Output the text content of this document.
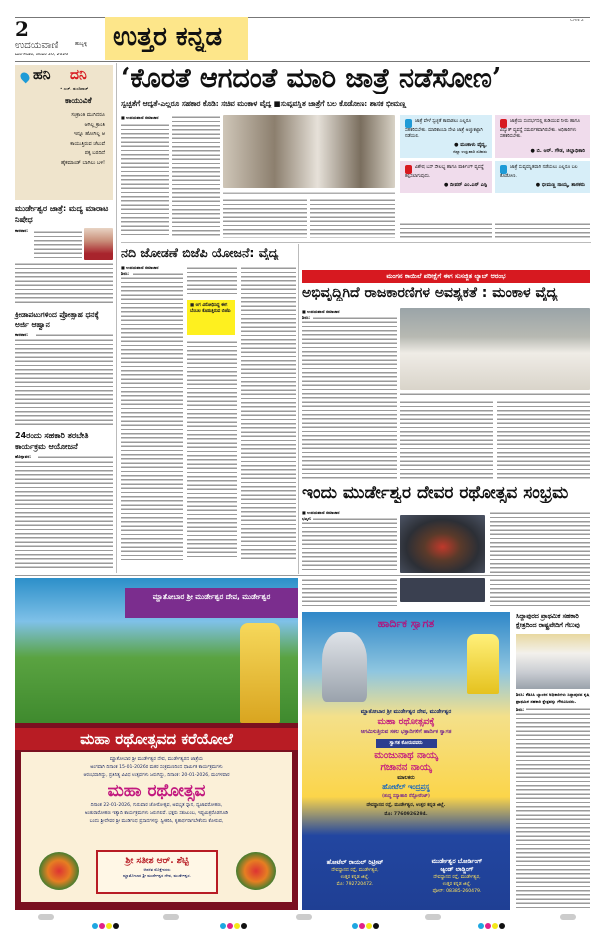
2
ಉದಯವಾಣಿ	ಹುಬ್ಬಳ್ಳಿ
ಮಂಗಳವಾರ, ಜನವರಿ 20, 2026
ಉತ್ತರ ಕನ್ನಡ
CAN 2
ಹನಿ ದನಿ
• ಎಚ್. ಡುಂಡಿರಾಜ್
ಕಾಯುವಿಕೆ
ಸಂಕ್ರಾಂತಿ ಮುಗಿದರೂ
ಆಗಿಲ್ಲ ಕ್ರಾಂತಿ
ಇನ್ನೂ ಹೋಗಿಲ್ಲ ಆ
ಕಾಯುತ್ತಿರುವ ಚೆಲುವೆ
ಪಕ್ಕ ಬರದಿದೆ
ಹೈಕಮಾಂಡ್ ಬಾಗಿಲು ಬಳಿ!
ಮುರ್ಡೇಶ್ವರ ಜಾತ್ರೆ: ಮದ್ಯ ಮಾರಾಟ ನಿಷೇಧ
ಕಾರವಾರ:
ಕ್ರೀಡಾಪಟುಗಳಿಂದ ಪ್ರೋತ್ಸಾಹ ಧನಕ್ಕೆ ಅರ್ಜಿ ಆಹ್ವಾನ
ಕಾರವಾರ:
24ರಂದು ಸಹಕಾರಿ ತರಬೇತಿ ಕಾರ್ಯಕ್ರಮ ಆಯೋಜನೆ
ಹೊನ್ನಾವರ:
‘ಕೊರತೆ ಆಗದಂತೆ ಮಾರಿ ಜಾತ್ರೆ ನಡೆಸೋಣ’
ಸ್ವಚ್ಛತೆಗೆ ಆದ್ಯತೆ-ಎಲ್ಲರೂ ಸಹಕಾರ ಕೊಡಿ: ಸಚಿವ ಮಂಕಾಳ ವೈದ್ಯ ■ಸುವ್ಯವಸ್ಥಿತ ಜಾತ್ರೆಗೆ ಬಲ ಕೊಡೋಣ: ಶಾಸಕ ಭೀಮಣ್ಣ
■ ಉದಯವಾಣಿ ಸಮಾಚಾರ
ಜಾತ್ರೆ ವೇಳೆ ಸ್ವಚ್ಛತೆ ಕಾಪಾಡಲು ಎಲ್ಲರೂ ಸಹಕರಿಸಬೇಕು. ಮಾರಿಕಾಂಬಾ ದೇವಿ ಜಾತ್ರೆ ಅಚ್ಚುಕಟ್ಟಾಗಿ ನಡೆಯಲಿ.
● ಮಂಕಾಳು ವೈದ್ಯ,
ಜಿಲ್ಲಾ ಉಸ್ತುವಾರಿ ಸಚಿವರು
ಜಾತ್ರೆಯ ಸಂದರ್ಭದಲ್ಲಿ ಕುಡಿಯುವ ನೀರು ಹಾಗೂ ವಿದ್ಯುತ್ ವ್ಯವಸ್ಥೆ ಸಮರ್ಪಕವಾಗಿರಬೇಕು. ಅಧಿಕಾರಿಗಳು ಸಹಕರಿಸಬೇಕು.
● ಬಿ. ಆರ್. ಗೌಡ, ಜಿಲ್ಲಾಧಿಕಾರಿ
ವಿಶೇಷ ಬಸ್ ಸೌಲಭ್ಯ ಹಾಗೂ ಪಾರ್ಕಿಂಗ್ ವ್ಯವಸ್ಥೆ ಕಲ್ಪಿಸಲಾಗುವುದು.
● ದೀಪನ್ ಎಂ.ಎನ್ ಎಸ್ಪಿ
ಜಾತ್ರೆ ಸುವ್ಯವಸ್ಥಿತವಾಗಿ ನಡೆಯಲು ಎಲ್ಲರೂ ಬಲ ಕೊಡೋಣ.
● ಭೀಮಣ್ಣ ನಾಯ್ಕ, ಶಾಸಕರು
ನದಿ ಜೋಡಣೆ ಬಿಜೆಪಿ ಯೋಜನೆ: ವೈದ್ಯ
■ ಉದಯವಾಣಿ ಸಮಾಚಾರ
ಶಿರಸಿ:
■ ಆಗ ವಿರೋಧಿಸಿದ್ದ ಈಗ ಬೆಂಬಲ ಕೊಡುತ್ತಿರುವ ಬಿಜೆಪಿ
ಮಂಗನ ಕಾಯಿಲೆ ಪರೀಕ್ಷೆಗೆ ಈಗ ಸುಸಜ್ಜಿತ ಲ್ಯಾಬ್ ಆರಂಭ
ಅಭಿವೃದ್ಧಿಗಿದೆ ರಾಜಕಾರಣಿಗಳ ಅವಶ್ಯಕತೆ : ಮಂಕಾಳ ವೈದ್ಯ
■ ಉದಯವಾಣಿ ಸಮಾಚಾರ
ಶಿರಸಿ:
ಇಂದು ಮುರ್ಡೇಶ್ವರ ದೇವರ ರಥೋತ್ಸವ ಸಂಭ್ರಮ
■ ಉದಯವಾಣಿ ಸಮಾಚಾರ
ಭಟ್ಕಳ:
ಮ್ಹಾತೋಬಾರ ಶ್ರೀ ಮುರ್ಡೇಶ್ವರ ದೇವ, ಮುರ್ಡೇಶ್ವರ
ಮಹಾ ರಥೋತ್ಸವದ ಕರೆಯೋಲೆ
ಮ್ಹಾತೋಬಾರ ಶ್ರೀ ಮುರ್ಡೇಶ್ವರ ದೇವ, ಮುರ್ಡೇಶ್ವರದ ಜಾತ್ರೆಯ
ಅಂಗವಾಗಿ ದಿನಾಂಕ 15-01-2026ರ ಮಕರ ಸಂಕ್ರಮಣದಿಂದ ಧಾರ್ಮಿಕ ಕಾರ್ಯಕ್ರಮಗಳು
ಆರಂಭವಾಗಿದ್ದು, ಪ್ರತಿನಿತ್ಯ ವಿವಿಧ ಉತ್ಸವಗಳು ಜರುಗಿದ್ದು, ದಿನಾಂಕ: 20-01-2026, ಮಂಗಳವಾರ
ಮಹಾ ರಥೋತ್ಸವ
ದಿನಾಂಕ 22-01-2026, ಗುರುವಾರ ಚೋರೋತ್ಸವ, ಅವಭೃತ ಸ್ನಾನ, ಧ್ವಜಾವರೋಹಣ,
ಅಂಕುರಾರೋಹಣ ಇತ್ಯಾದಿ ಕಾರ್ಯಕ್ರಮಗಳು ಜರುಗಲಿವೆ. ಭಕ್ತರು ಸಕುಟುಂಬ, ಇಷ್ಟಮಿತ್ರರೊಡಗೂಡಿ
ಬಂದು ಶ್ರೀದೇವರ ಶ್ರೀ ಮುಡಿಗಂಧ ಪ್ರಸಾದಗಳನ್ನು ಸ್ವೀಕರಿಸಿ, ಕೃತಾರ್ಥರಾಗಬೇಕೆಂದು ಕೋರುವ,
ಶ್ರೀ ಸತೀಶ ಆರ್. ಶೆಟ್ಟಿ
ಆಡಳಿತ ಮೊಕ್ತೇಸರರು
ಮ್ಹಾತೋಬಾರ ಶ್ರೀ ಮುರ್ಡೇಶ್ವರ ದೇವ, ಮುರ್ಡೇಶ್ವರ.
ಹಾರ್ದಿಕ ಸ್ವಾಗತ
ಮ್ಹಾತೋಬಾರ ಶ್ರೀ ಮುರ್ಡೇಶ್ವರ ದೇವ, ಮುರ್ಡೇಶ್ವರ
ಮಹಾ ರಥೋತ್ಸವಕ್ಕೆ
ಆಗಮಿಸುತ್ತಿರುವ ಸಕಲ ಭಕ್ತಾದಿಗಳಿಗೆ ಹಾರ್ದಿಕ ಸ್ವಾಗತ
ಸ್ವಾಗತ ಕೋರುವವರು
ಮಂಜುನಾಥ ನಾಯ್ಕ
ಗಜಾನನ ನಾಯ್ಕ
ಮಾಲಕರು
ಹೋಟೆಲ್ ಇಂದ್ರಪ್ರಸ್ಥ
(ಶುದ್ಧ ಸಸ್ಯಾಹಾರಿ ರೆಸ್ಟೋರೆಂಟ್)
ದೇವಸ್ಥಾನದ ರಸ್ತೆ, ಮುರ್ಡೇಶ್ವರ, ಉತ್ತರ ಕನ್ನಡ ಜಿಲ್ಲೆ.
ಮೊ: 7760926294.
ಹೋಟೆಲ್ ರಾಯಲ್ ರಿಟ್ರೀಟ್
ದೇವಸ್ಥಾನದ ರಸ್ತೆ, ಮುರ್ಡೇಶ್ವರ,
ಉತ್ತರ ಕನ್ನಡ ಜಿಲ್ಲೆ.
ಮೊ: 792720472.
ಮುರ್ಡೇಶ್ವರ ಬೋರ್ಡಿಂಗ್
ಆ್ಯಂಡ್ ಲಾಡ್ಜಿಂಗ್
ದೇವಸ್ಥಾನದ ರಸ್ತೆ, ಮುರ್ಡೇಶ್ವರ,
ಉತ್ತರ ಕನ್ನಡ ಜಿಲ್ಲೆ.
ಫೋನ್: 08385-260479.
ಸಿದ್ದಾಪುರದ ಪ್ರಾಥಮಿಕ ಸಹಕಾರಿ ಕ್ಷೇತ್ರದಿಂದ ರಾಷ್ಟ್ರವೇದಿಗೆ ಗೆಲುವು
ಶಿರಸಿ: ಕೆಡಿಸಿಸಿ ಬ್ಯಾಂಕಿನ ಅಧಿಕಾರಿಗಳು ಸಿದ್ದಾಪುರದ ಕೃಷಿ ಪ್ರಾಥಮಿಕ ಸಹಕಾರಿ ಕ್ಷೇತ್ರವನ್ನು ಗೌರವಿಸಿದರು.
ಶಿರಸಿ:
